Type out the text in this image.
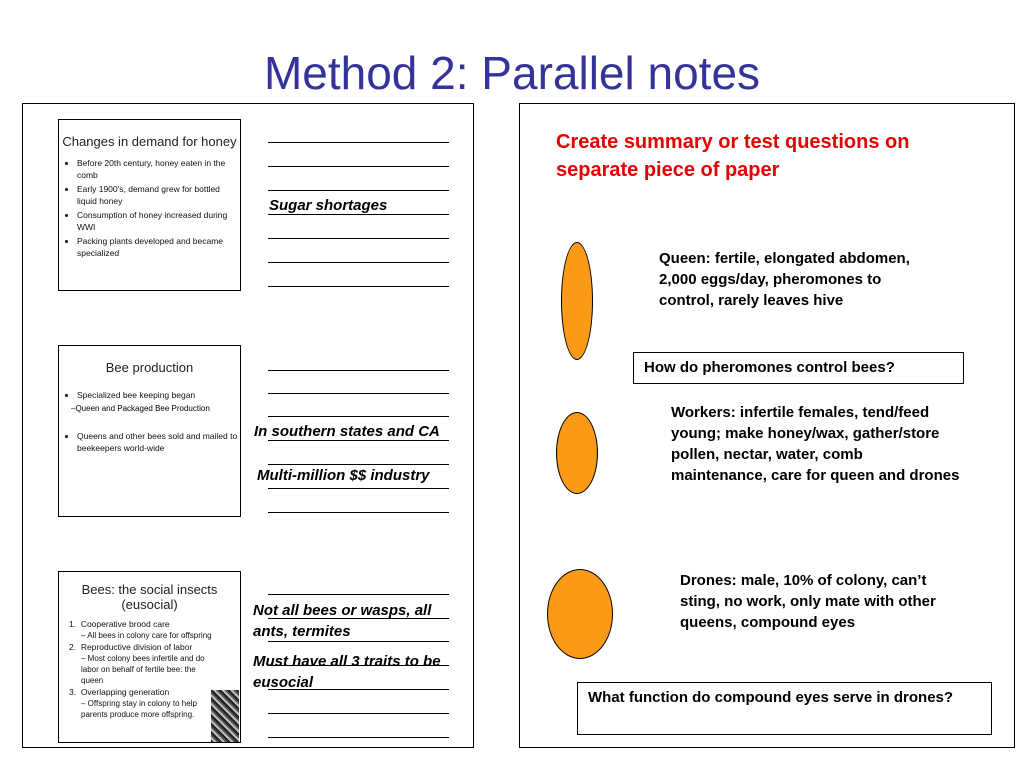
Method 2: Parallel notes
Changes in demand for honey
• Before 20th century, honey eaten in the comb
• Early 1900's, demand grew for bottled liquid honey
• Consumption of honey increased during WWI
• Packing plants developed and became specialized
Bee production
• Specialized bee keeping began
–Queen and Packaged Bee Production
• Queens and other bees sold and mailed to beekeepers world-wide
Bees: the social insects
(eusocial)
1.  Cooperative brood care
– All bees in colony care for offspring
2.  Reproductive division of labor
– Most colony bees infertile and do labor on behalf of fertile bee: the queen
3.  Overlapping generation
– Offspring stay in colony to help parents produce more offspring.
Sugar shortages
In southern states and CA
Multi-million $$ industry
Not all bees or wasps, all ants, termites
Must have all 3 traits to be eusocial
Create summary or test questions on separate piece of paper
Queen: fertile, elongated abdomen, 2,000 eggs/day, pheromones to control, rarely leaves hive
How do pheromones control bees?
Workers: infertile females, tend/feed young; make honey/wax, gather/store pollen, nectar, water, comb maintenance, care for queen and drones
Drones: male, 10% of colony, can’t sting, no work, only mate with other queens, compound eyes
What function do compound eyes serve in drones?
